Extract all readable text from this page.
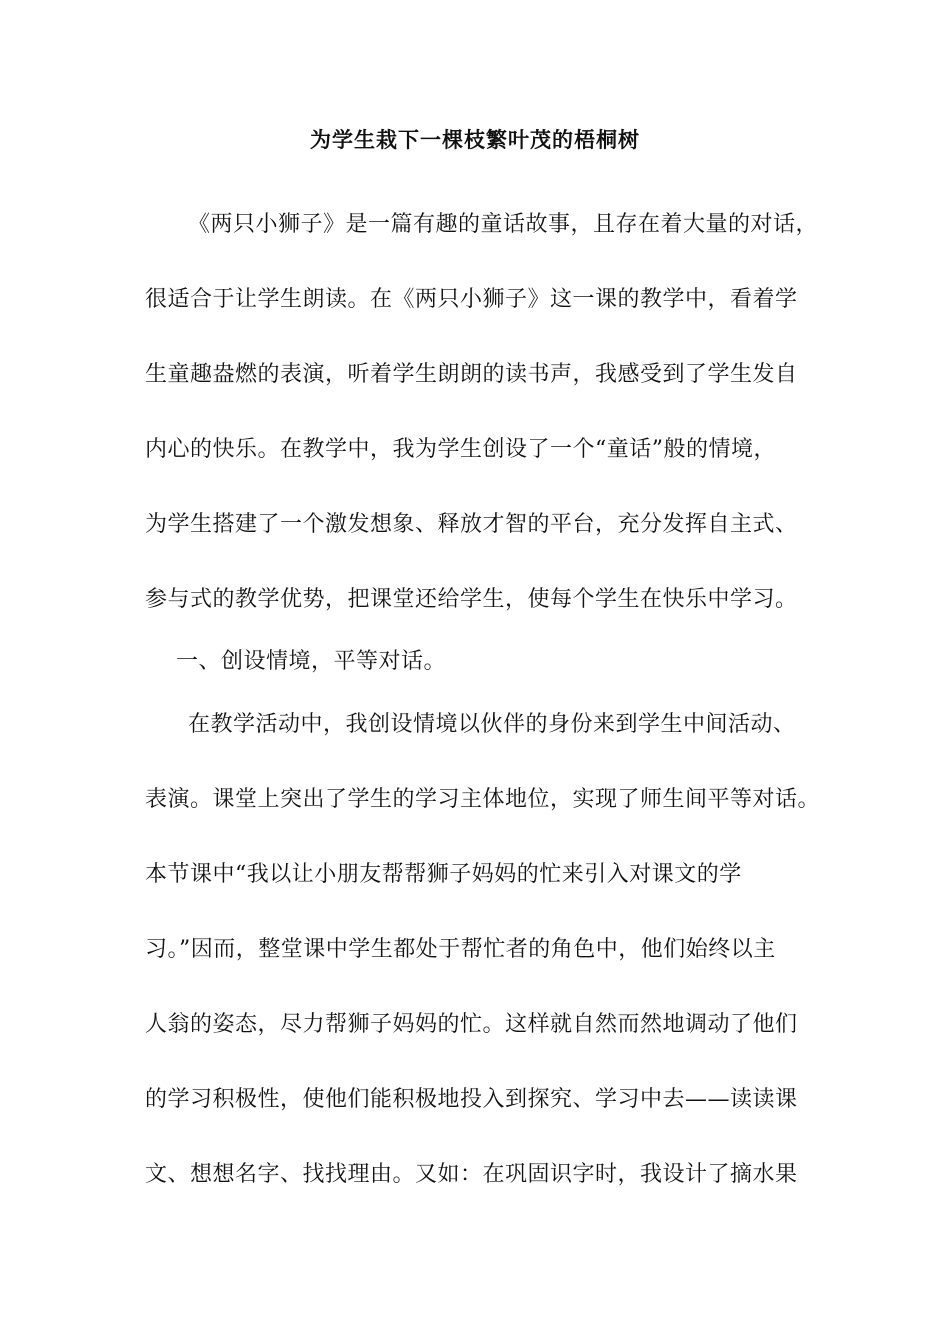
为学生栽下一棵枝繁叶茂的梧桐树
《两只小狮子》是一篇有趣的童话故事，且存在着大量的对话，
很适合于让学生朗读。在《两只小狮子》这一课的教学中，看着学
生童趣盎燃的表演，听着学生朗朗的读书声，我感受到了学生发自
内心的快乐。在教学中，我为学生创设了一个“童话”般的情境，
为学生搭建了一个激发想象、释放才智的平台，充分发挥自主式、
参与式的教学优势，把课堂还给学生，使每个学生在快乐中学习。
一、创设情境，平等对话。
在教学活动中，我创设情境以伙伴的身份来到学生中间活动、
表演。课堂上突出了学生的学习主体地位，实现了师生间平等对话。
本节课中“我以让小朋友帮帮狮子妈妈的忙来引入对课文的学
习。”因而，整堂课中学生都处于帮忙者的角色中，他们始终以主
人翁的姿态，尽力帮狮子妈妈的忙。这样就自然而然地调动了他们
的学习积极性，使他们能积极地投入到探究、学习中去——读读课
文、想想名字、找找理由。又如：在巩固识字时，我设计了摘水果
